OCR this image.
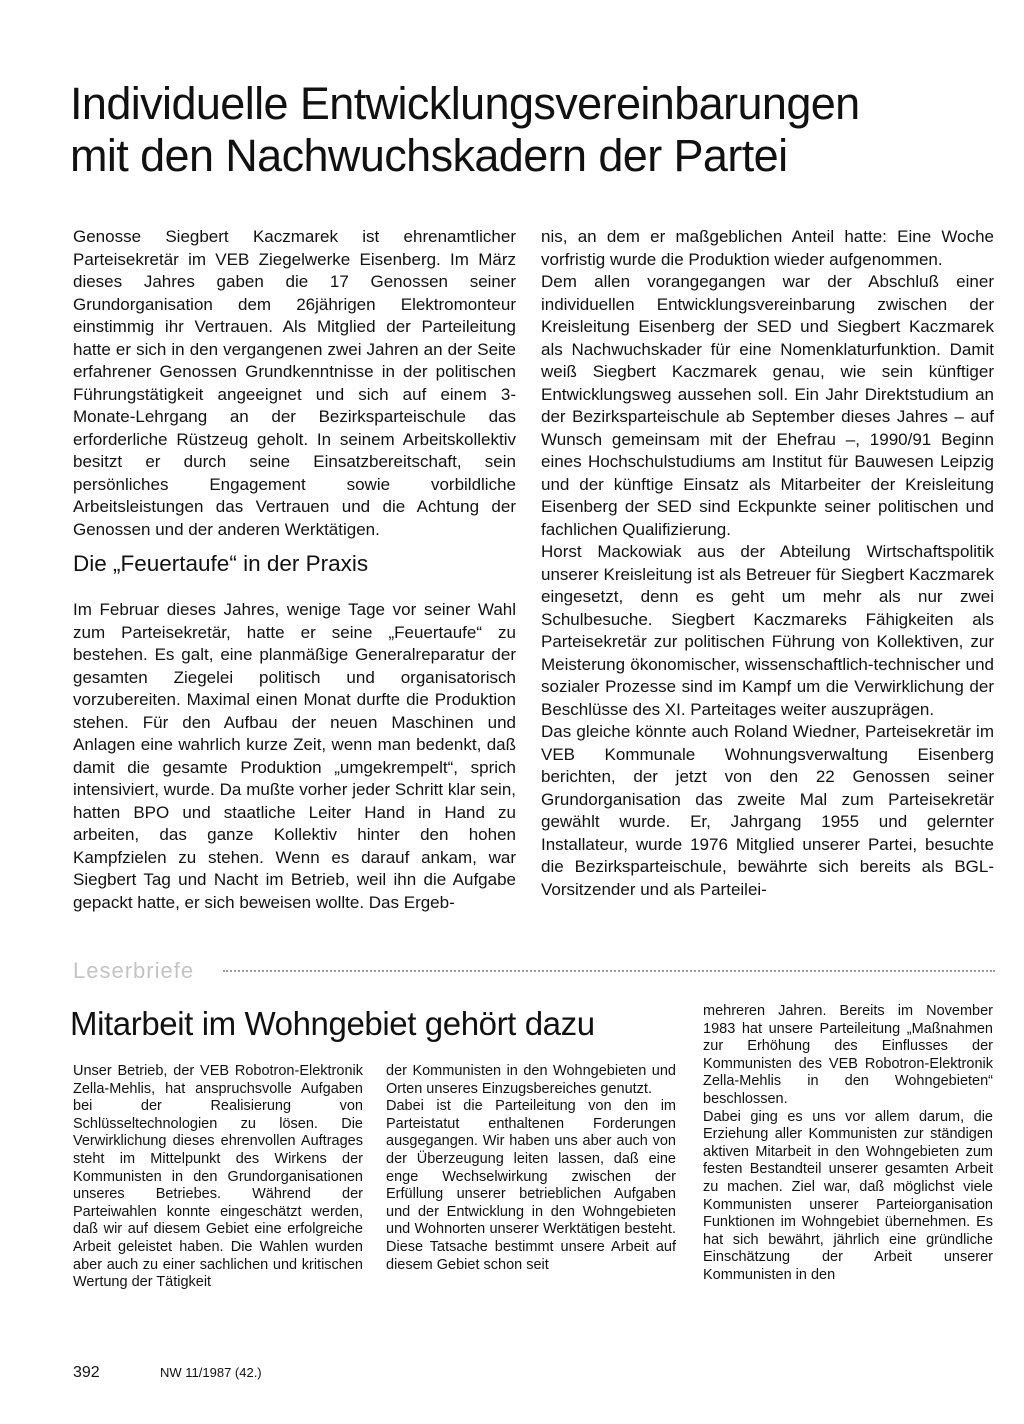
Individuelle Entwicklungsvereinbarungen
mit den Nachwuchskadern der Partei

Genosse Siegbert Kaczmarek ist ehrenamtlicher Parteisekretär im VEB Ziegelwerke Eisenberg. Im März dieses Jahres gaben die 17 Genossen seiner Grundorganisation dem 26jährigen Elektromonteur einstimmig ihr Vertrauen. Als Mitglied der Parteileitung hatte er sich in den vergangenen zwei Jahren an der Seite erfahrener Genossen Grundkenntnisse in der politischen Führungstätigkeit angeeignet und sich auf einem 3-Monate-Lehrgang an der Bezirksparteischule das erforderliche Rüstzeug geholt. In seinem Arbeitskollektiv besitzt er durch seine Einsatzbereitschaft, sein persönliches Engagement sowie vorbildliche Arbeitsleistungen das Vertrauen und die Achtung der Genossen und der anderen Werktätigen.

Die „Feuertaufe“ in der Praxis

Im Februar dieses Jahres, wenige Tage vor seiner Wahl zum Parteisekretär, hatte er seine „Feuertaufe“ zu bestehen. Es galt, eine planmäßige Generalreparatur der gesamten Ziegelei politisch und organisatorisch vorzubereiten. Maximal einen Monat durfte die Produktion stehen. Für den Aufbau der neuen Maschinen und Anlagen eine wahrlich kurze Zeit, wenn man bedenkt, daß damit die gesamte Produktion „umgekrempelt“, sprich intensiviert, wurde. Da mußte vorher jeder Schritt klar sein, hatten BPO und staatliche Leiter Hand in Hand zu arbeiten, das ganze Kollektiv hinter den hohen Kampfzielen zu stehen. Wenn es darauf ankam, war Siegbert Tag und Nacht im Betrieb, weil ihn die Aufgabe gepackt hatte, er sich beweisen wollte. Das Ergeb-

nis, an dem er maßgeblichen Anteil hatte: Eine Woche vorfristig wurde die Produktion wieder aufgenommen.

Dem allen vorangegangen war der Abschluß einer individuellen Entwicklungsvereinbarung zwischen der Kreisleitung Eisenberg der SED und Siegbert Kaczmarek als Nachwuchskader für eine Nomenklaturfunktion. Damit weiß Siegbert Kaczmarek genau, wie sein künftiger Entwicklungsweg aussehen soll. Ein Jahr Direktstudium an der Bezirksparteischule ab September dieses Jahres – auf Wunsch gemeinsam mit der Ehefrau –, 1990/91 Beginn eines Hochschulstudiums am Institut für Bauwesen Leipzig und der künftige Einsatz als Mitarbeiter der Kreisleitung Eisenberg der SED sind Eckpunkte seiner politischen und fachlichen Qualifizierung.

Horst Mackowiak aus der Abteilung Wirtschaftspolitik unserer Kreisleitung ist als Betreuer für Siegbert Kaczmarek eingesetzt, denn es geht um mehr als nur zwei Schulbesuche. Siegbert Kaczmareks Fähigkeiten als Parteisekretär zur politischen Führung von Kollektiven, zur Meisterung ökonomischer, wissenschaftlich-technischer und sozialer Prozesse sind im Kampf um die Verwirklichung der Beschlüsse des XI. Parteitages weiter auszuprägen.

Das gleiche könnte auch Roland Wiedner, Parteisekretär im VEB Kommunale Wohnungsverwaltung Eisenberg berichten, der jetzt von den 22 Genossen seiner Grundorganisation das zweite Mal zum Parteisekretär gewählt wurde. Er, Jahrgang 1955 und gelernter Installateur, wurde 1976 Mitglied unserer Partei, besuchte die Bezirksparteischule, bewährte sich bereits als BGL-Vorsitzender und als Parteilei-

Leserbriefe
Mitarbeit im Wohngebiet gehört dazu

Unser Betrieb, der VEB Robotron-Elektronik Zella-Mehlis, hat anspruchsvolle Aufgaben bei der Realisierung von Schlüsseltechnologien zu lösen. Die Verwirklichung dieses ehrenvollen Auftrages steht im Mittelpunkt des Wirkens der Kommunisten in den Grundorganisationen unseres Betriebes. Während der Parteiwahlen konnte eingeschätzt werden, daß wir auf diesem Gebiet eine erfolgreiche Arbeit geleistet haben. Die Wahlen wurden aber auch zu einer sachlichen und kritischen Wertung der Tätigkeit

der Kommunisten in den Wohngebieten und Orten unseres Einzugsbereiches genutzt.

Dabei ist die Parteileitung von den im Parteistatut enthaltenen Forderungen ausgegangen. Wir haben uns aber auch von der Überzeugung leiten lassen, daß eine enge Wechselwirkung zwischen der Erfüllung unserer betrieblichen Aufgaben und der Entwicklung in den Wohngebieten und Wohnorten unserer Werktätigen besteht. Diese Tatsache bestimmt unsere Arbeit auf diesem Gebiet schon seit

mehreren Jahren. Bereits im November 1983 hat unsere Parteileitung „Maßnahmen zur Erhöhung des Einflusses der Kommunisten des VEB Robotron-Elektronik Zella-Mehlis in den Wohngebieten“ beschlossen.

Dabei ging es uns vor allem darum, die Erziehung aller Kommunisten zur ständigen aktiven Mitarbeit in den Wohngebieten zum festen Bestandteil unserer gesamten Arbeit zu machen. Ziel war, daß möglichst viele Kommunisten unserer Parteiorganisation Funktionen im Wohngebiet übernehmen. Es hat sich bewährt, jährlich eine gründliche Einschätzung der Arbeit unserer Kommunisten in den

392	NW 11/1987 (42.)
